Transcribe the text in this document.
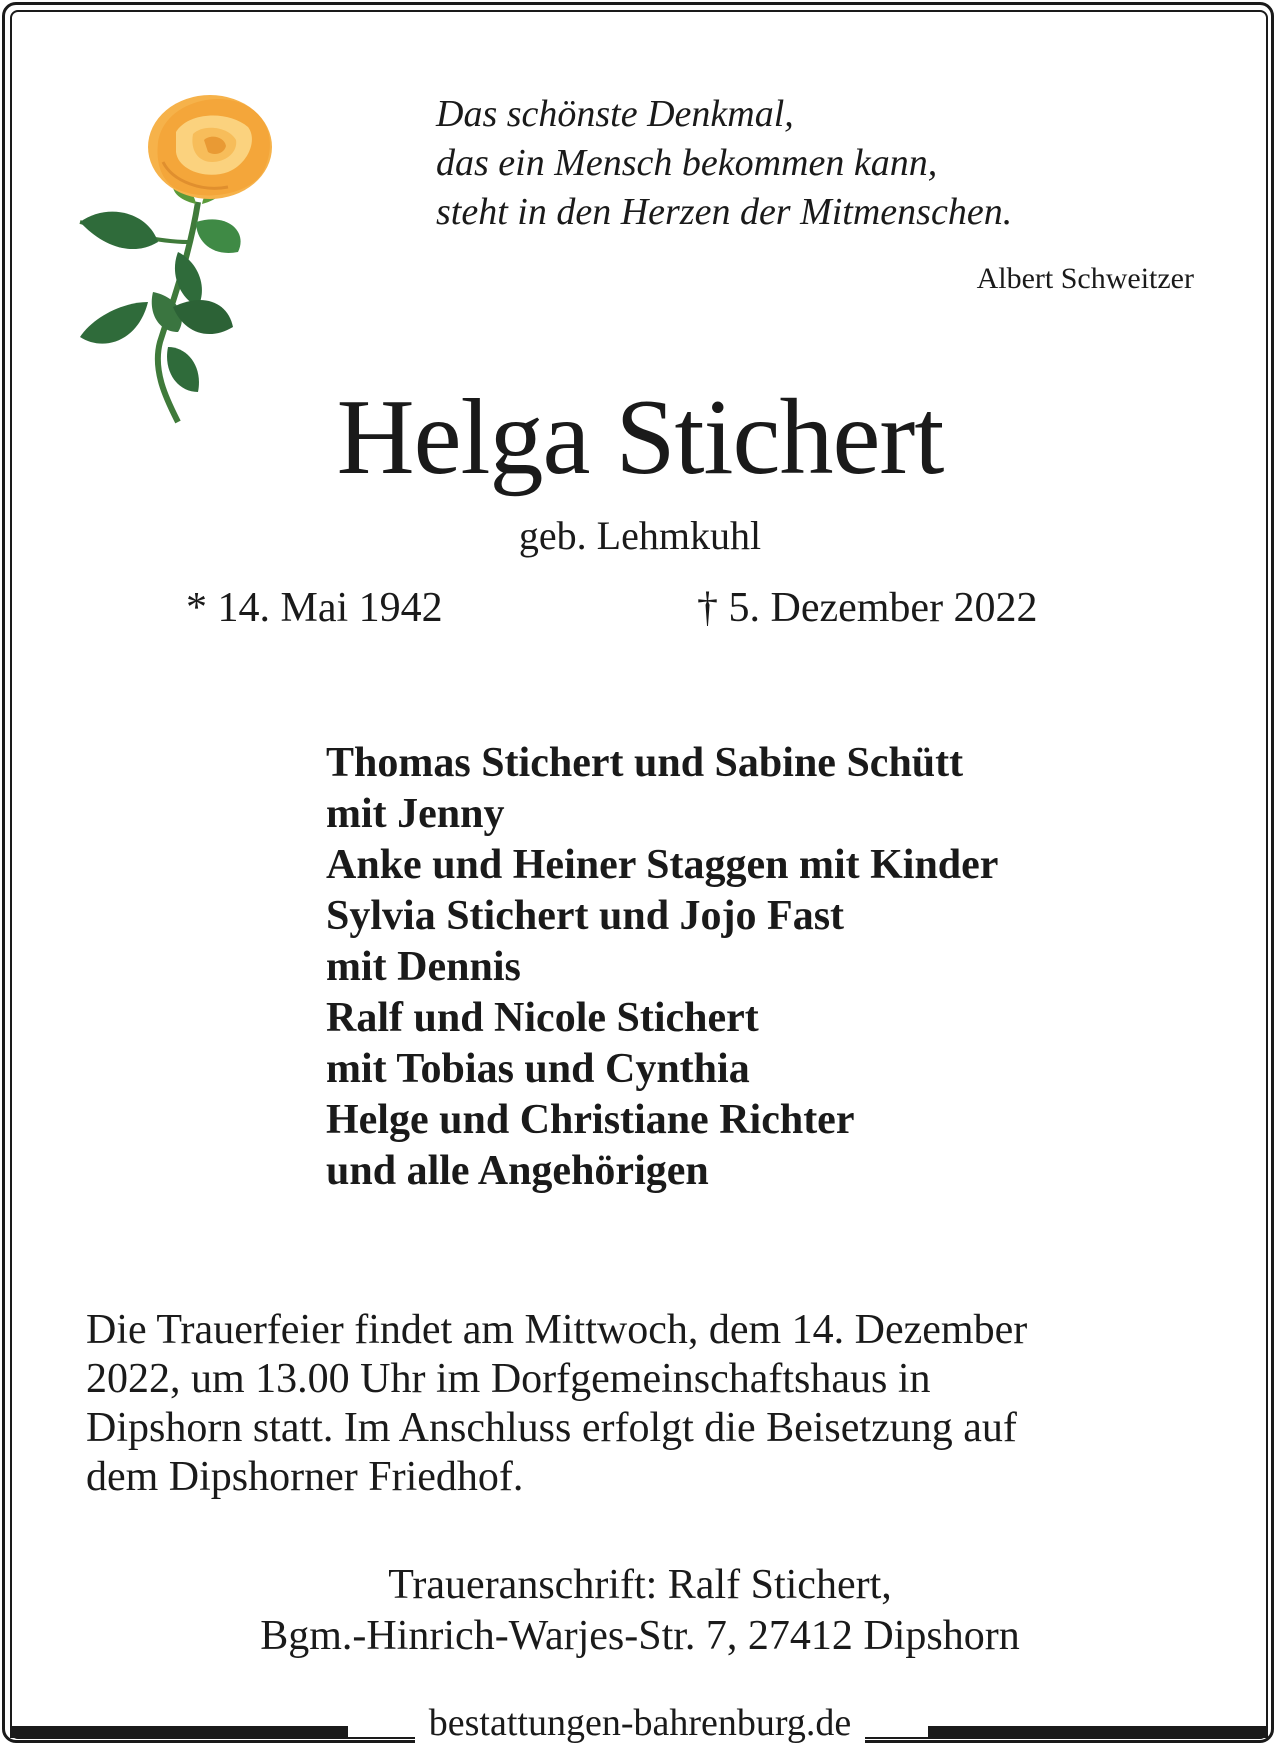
Das schönste Denkmal,
das ein Mensch bekommen kann,
steht in den Herzen der Mitmenschen.
Albert Schweitzer
Helga Stichert
geb. Lehmkuhl
* 14. Mai 1942	† 5. Dezember 2022
Thomas Stichert und Sabine Schütt
mit Jenny
Anke und Heiner Staggen mit Kinder
Sylvia Stichert und Jojo Fast
mit Dennis
Ralf und Nicole Stichert
mit Tobias und Cynthia
Helge und Christiane Richter
und alle Angehörigen
Die Trauerfeier findet am Mittwoch, dem 14. Dezember
2022, um 13.00 Uhr im Dorfgemeinschaftshaus in
Dipshorn statt. Im Anschluss erfolgt die Beisetzung auf
dem Dipshorner Friedhof.
Traueranschrift: Ralf Stichert,
Bgm.-Hinrich-Warjes-Str. 7, 27412 Dipshorn
bestattungen-bahrenburg.de
